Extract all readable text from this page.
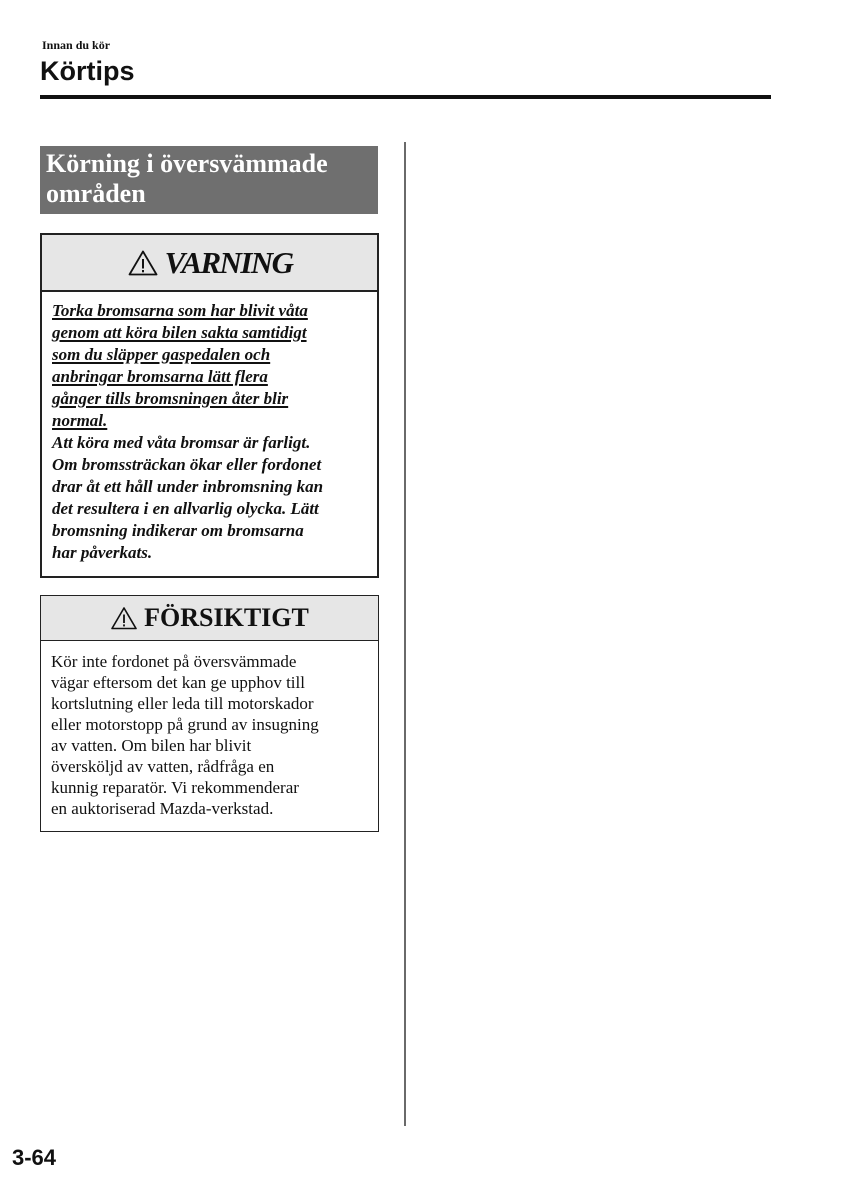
Innan du kör
Körtips
Körning i översvämmade områden
VARNING
Torka bromsarna som har blivit våta
genom att köra bilen sakta samtidigt
som du släpper gaspedalen och
anbringar bromsarna lätt flera
gånger tills bromsningen åter blir
normal.
Att köra med våta bromsar är farligt.
Om bromssträckan ökar eller fordonet
drar åt ett håll under inbromsning kan
det resultera i en allvarlig olycka. Lätt
bromsning indikerar om bromsarna
har påverkats.
FÖRSIKTIGT
Kör inte fordonet på översvämmade
vägar eftersom det kan ge upphov till
kortslutning eller leda till motorskador
eller motorstopp på grund av insugning
av vatten. Om bilen har blivit
översköljd av vatten, rådfråga en
kunnig reparatör. Vi rekommenderar
en auktoriserad Mazda-verkstad.
3-64
